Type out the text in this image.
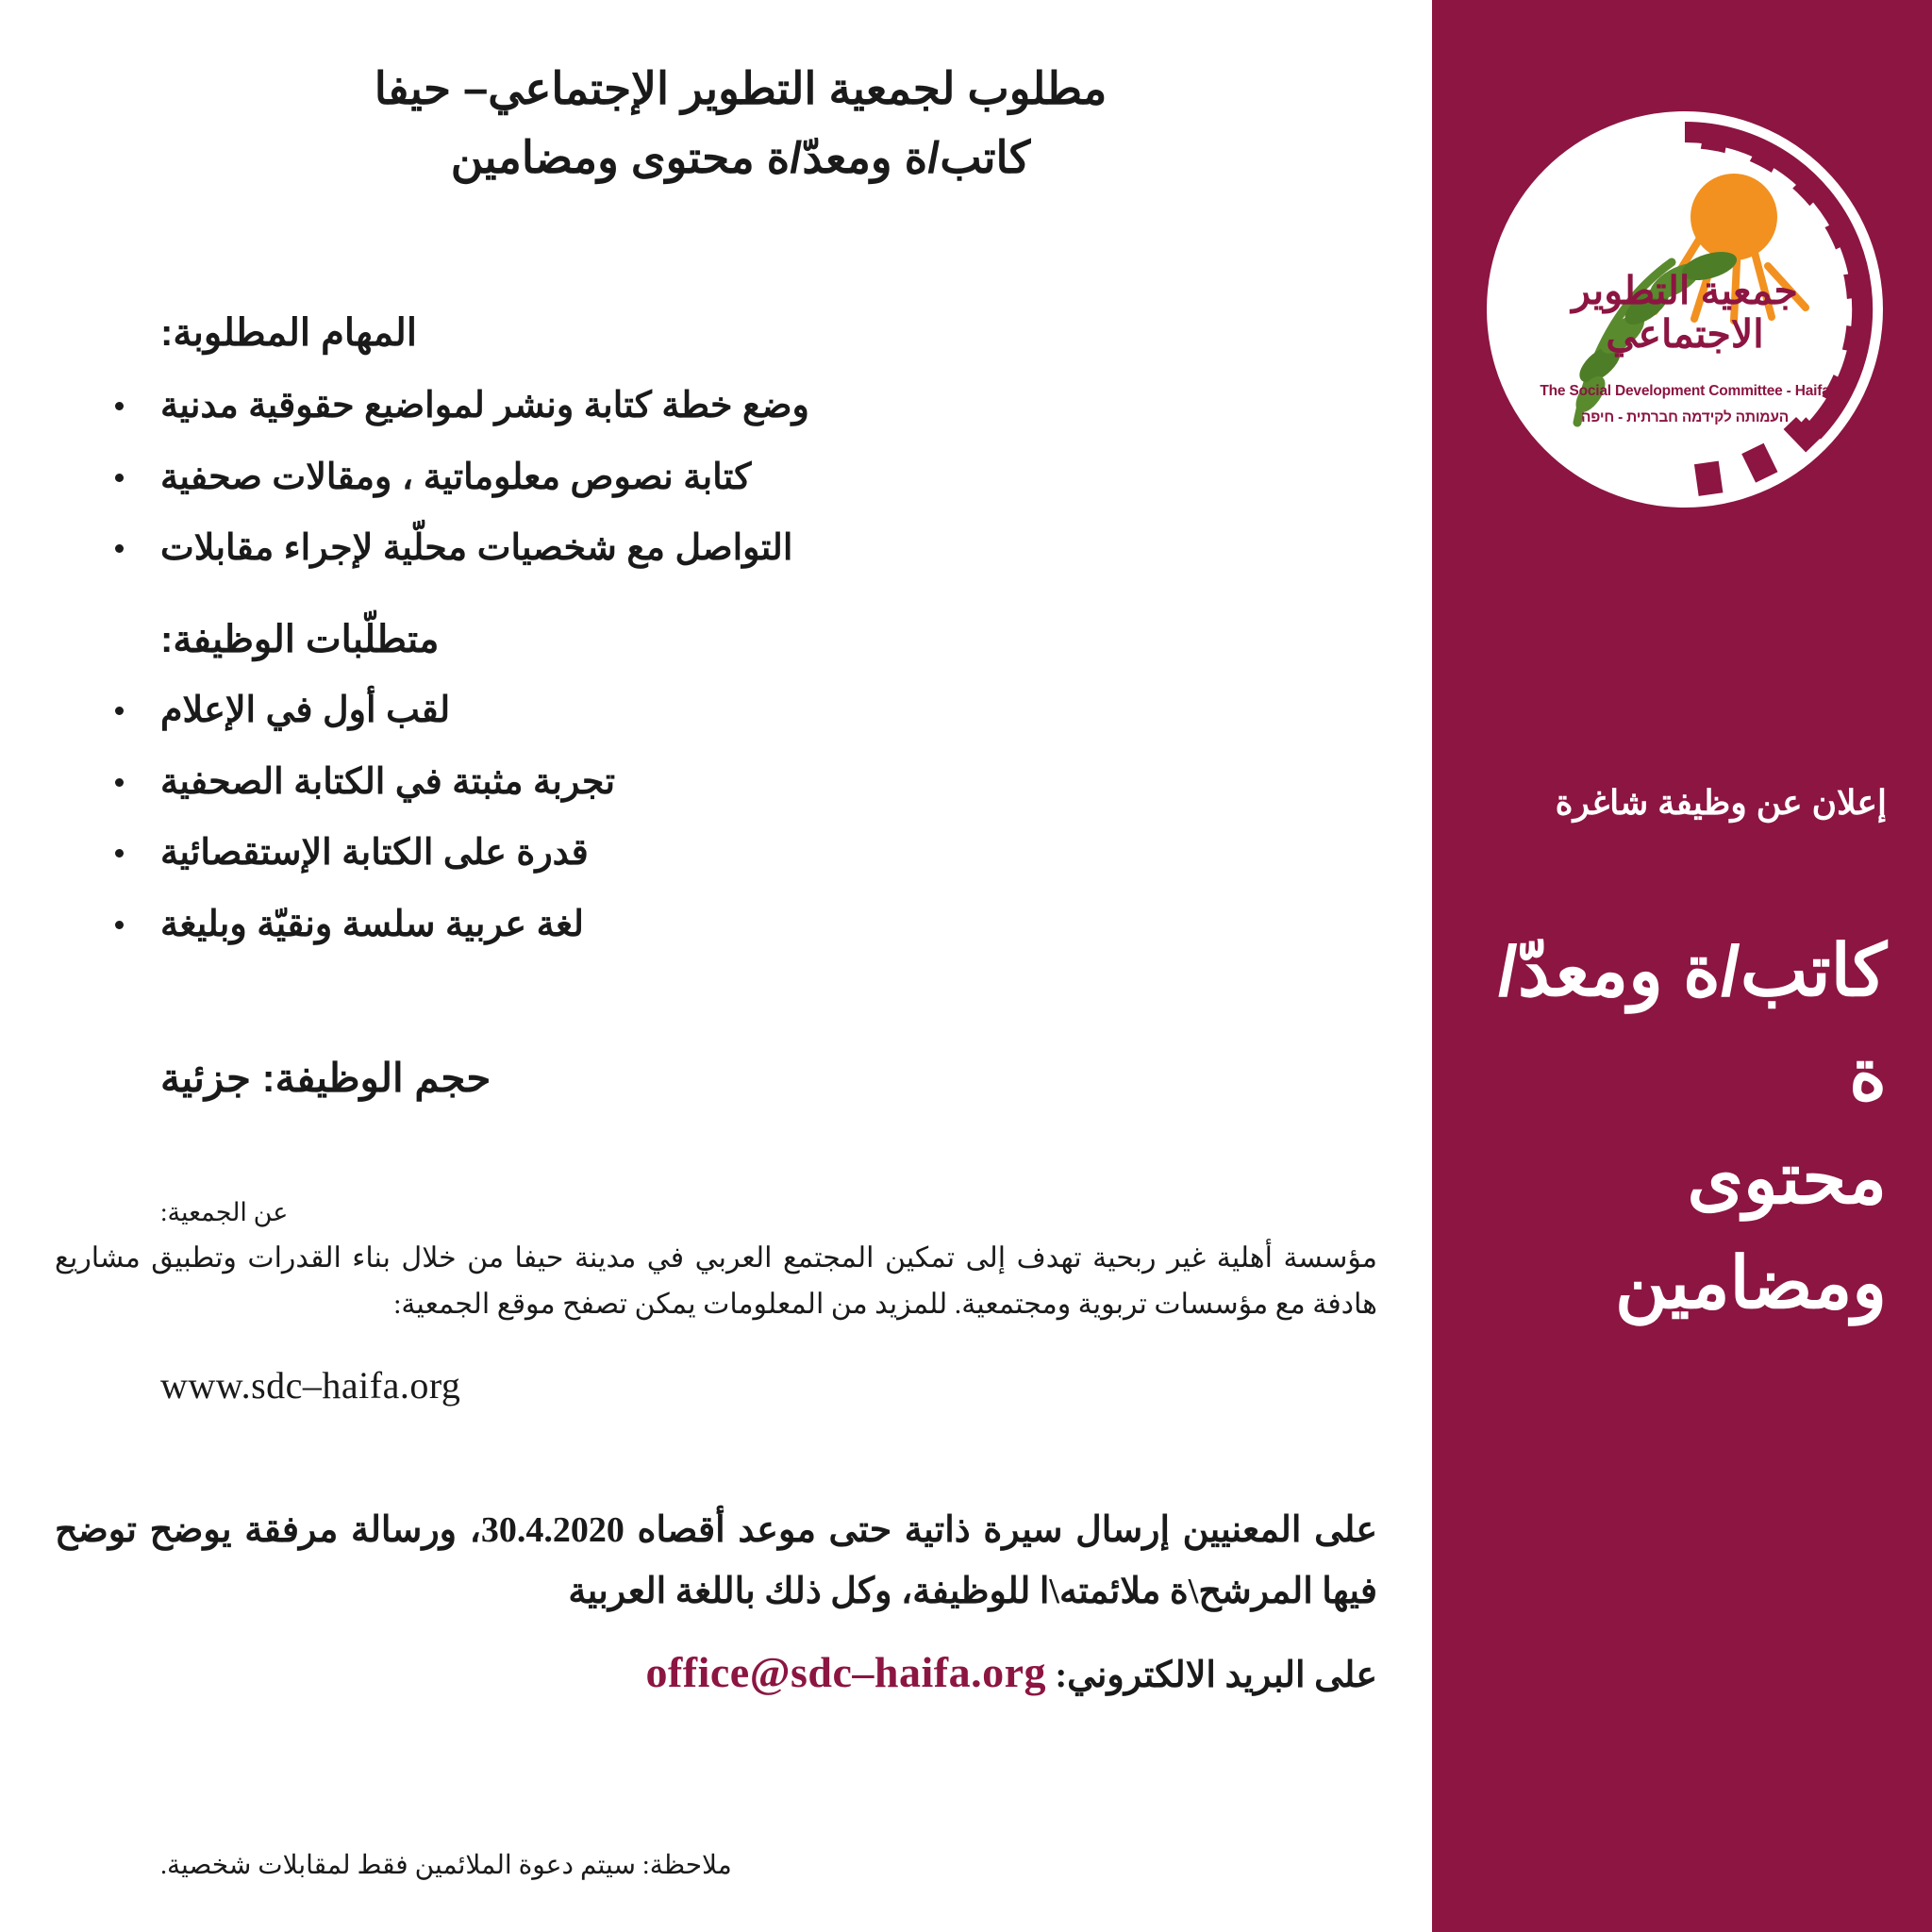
جمعية التطوير
الاجتماعي
The Social Development Committee - Haifa
העמותה לקידמה חברתית - חיפה
إعلان عن وظيفة شاغرة
كاتب/ة ومعدّ/ة
محتوى ومضامين
مطلوب لجمعية التطوير الإجتماعي– حيفا
كاتب/ة ومعدّ/ة محتوى ومضامين
المهام المطلوبة:
وضع خطة كتابة ونشر لمواضيع حقوقية مدنية
كتابة نصوص معلوماتية ، ومقالات صحفية
التواصل مع شخصيات محلّية لإجراء مقابلات
متطلّبات الوظيفة:
لقب أول في الإعلام
تجربة مثبتة في الكتابة الصحفية
قدرة على الكتابة الإستقصائية
لغة عربية سلسة ونقيّة وبليغة
حجم الوظيفة: جزئية
عن الجمعية:
مؤسسة أهلية غير ربحية تهدف إلى تمكين المجتمع العربي في مدينة حيفا من خلال بناء القدرات وتطبيق مشاريع هادفة مع مؤسسات تربوية ومجتمعية. للمزيد من المعلومات يمكن تصفح موقع الجمعية:
www.sdc–haifa.org
على المعنيين إرسال سيرة ذاتية حتى موعد أقصاه 30.4.2020، ورسالة مرفقة يوضح توضح فيها المرشح\ة ملائمته\ا للوظيفة، وكل ذلك باللغة العربية
على البريد الالكتروني: office@sdc–haifa.org
ملاحظة: سيتم دعوة الملائمين فقط لمقابلات شخصية.
